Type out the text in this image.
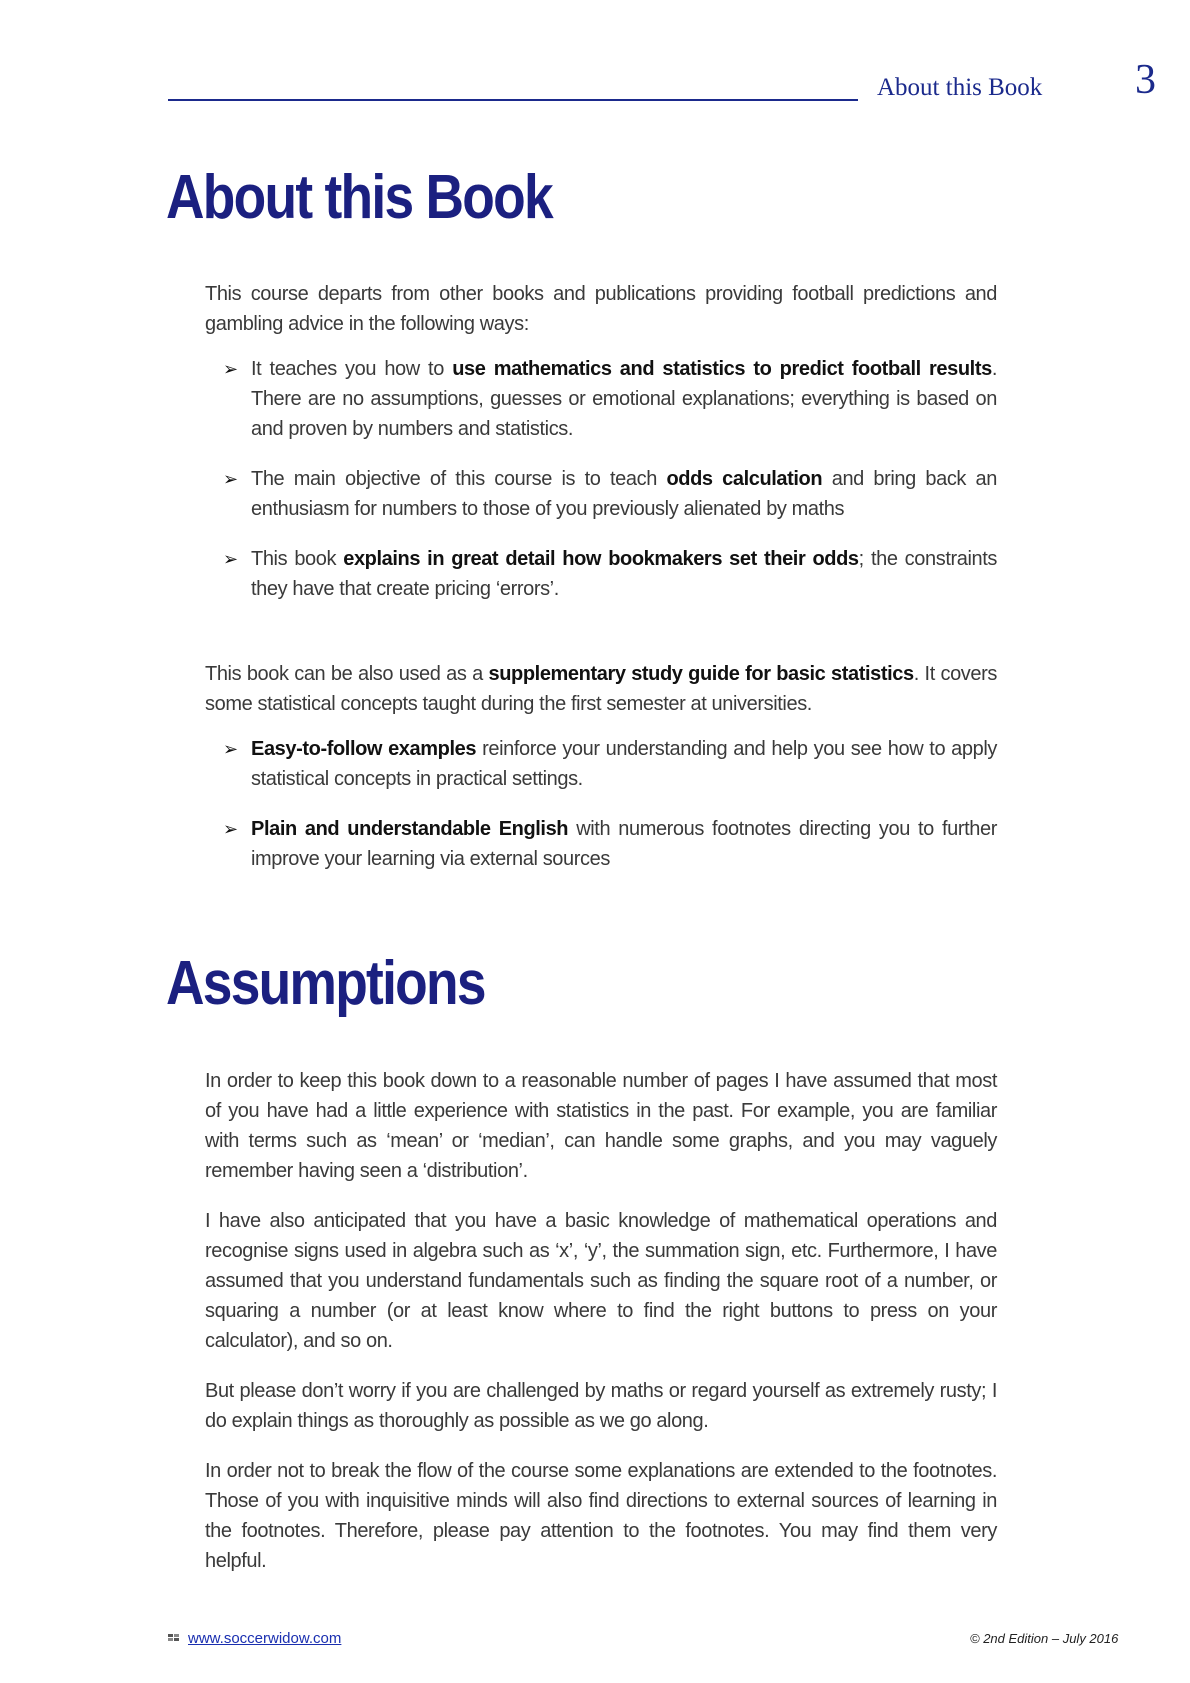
About this Book 3
About this Book

This course departs from other books and publications providing football predictions and gambling advice in the following ways:

➢ It teaches you how to use mathematics and statistics to predict football results. There are no assumptions, guesses or emotional explanations; everything is based on and proven by numbers and statistics.
➢ The main objective of this course is to teach odds calculation and bring back an enthusiasm for numbers to those of you previously alienated by maths
➢ This book explains in great detail how bookmakers set their odds; the constraints they have that create pricing ‘errors’.

This book can be also used as a supplementary study guide for basic statistics. It covers some statistical concepts taught during the first semester at universities.

➢ Easy-to-follow examples reinforce your understanding and help you see how to apply statistical concepts in practical settings.
➢ Plain and understandable English with numerous footnotes directing you to further improve your learning via external sources
Assumptions

In order to keep this book down to a reasonable number of pages I have assumed that most of you have had a little experience with statistics in the past. For example, you are familiar with terms such as ‘mean’ or ‘median’, can handle some graphs, and you may vaguely remember having seen a ‘distribution’.

I have also anticipated that you have a basic knowledge of mathematical operations and recognise signs used in algebra such as ‘x’, ‘y’, the summation sign, etc. Furthermore, I have assumed that you understand fundamentals such as finding the square root of a number, or squaring a number (or at least know where to find the right buttons to press on your calculator), and so on.

But please don’t worry if you are challenged by maths or regard yourself as extremely rusty; I do explain things as thoroughly as possible as we go along.

In order not to break the flow of the course some explanations are extended to the footnotes. Those of you with inquisitive minds will also find directions to external sources of learning in the footnotes. Therefore, please pay attention to the footnotes. You may find them very helpful.

www.soccerwidow.com	© 2nd Edition – July 2016
